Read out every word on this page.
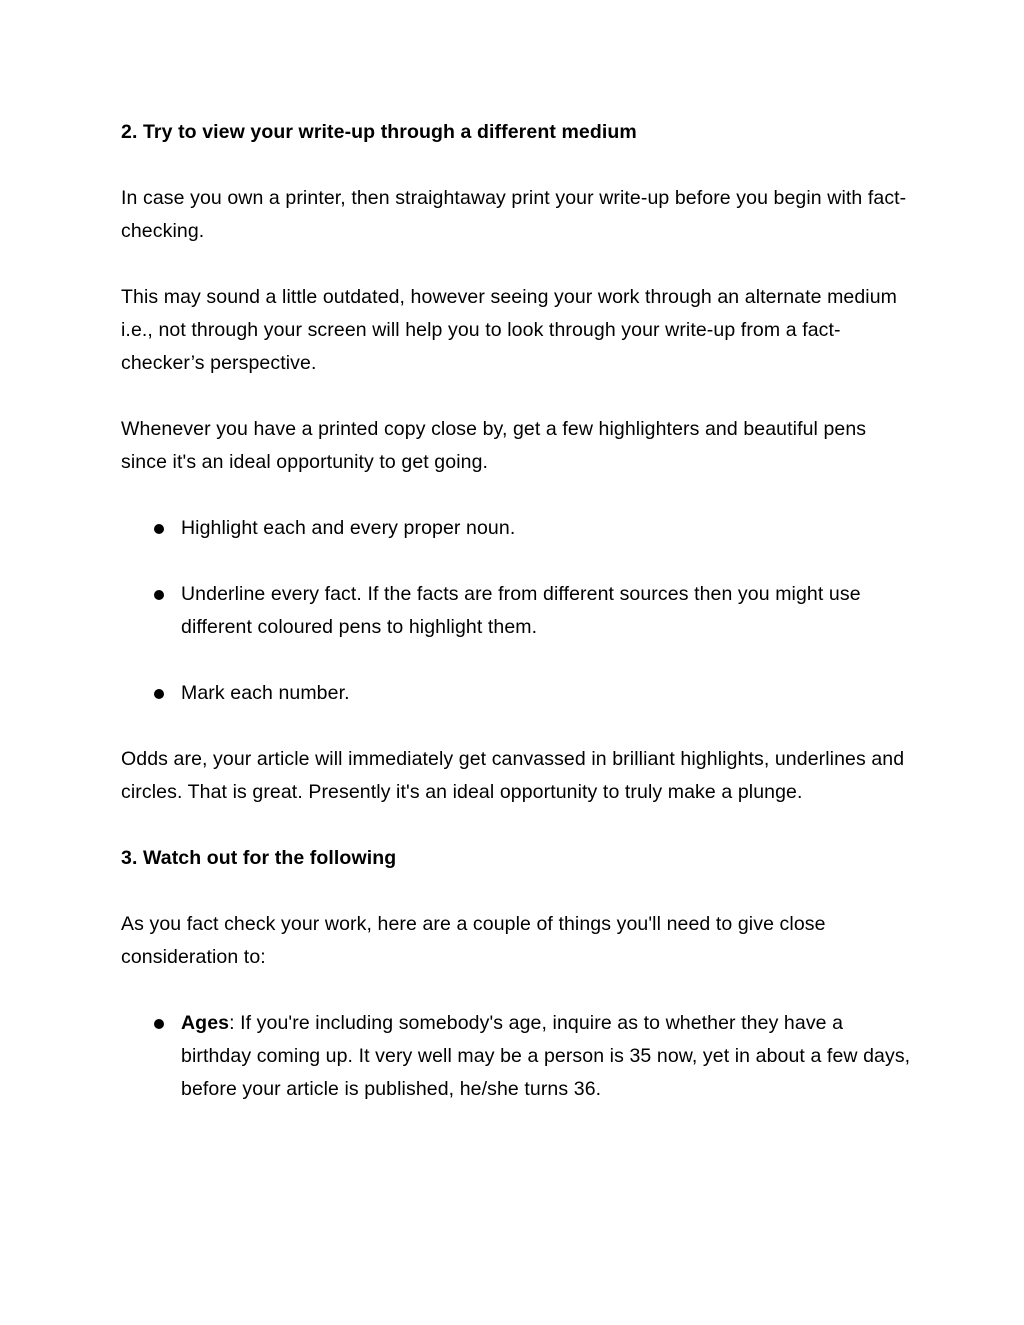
2. Try to view your write-up through a different medium

In case you own a printer, then straightaway print your write-up before you begin with fact-checking.

This may sound a little outdated, however seeing your work through an alternate medium i.e., not through your screen will help you to look through your write-up from a fact-checker’s perspective.

Whenever you have a printed copy close by, get a few highlighters and beautiful pens since it's an ideal opportunity to get going.

Highlight each and every proper noun.
Underline every fact. If the facts are from different sources then you might use different coloured pens to highlight them.
Mark each number.

Odds are, your article will immediately get canvassed in brilliant highlights, underlines and circles. That is great. Presently it's an ideal opportunity to truly make a plunge.

3. Watch out for the following

As you fact check your work, here are a couple of things you'll need to give close consideration to:

Ages: If you're including somebody's age, inquire as to whether they have a birthday coming up. It very well may be a person is 35 now, yet in about a few days, before your article is published, he/she turns 36.
